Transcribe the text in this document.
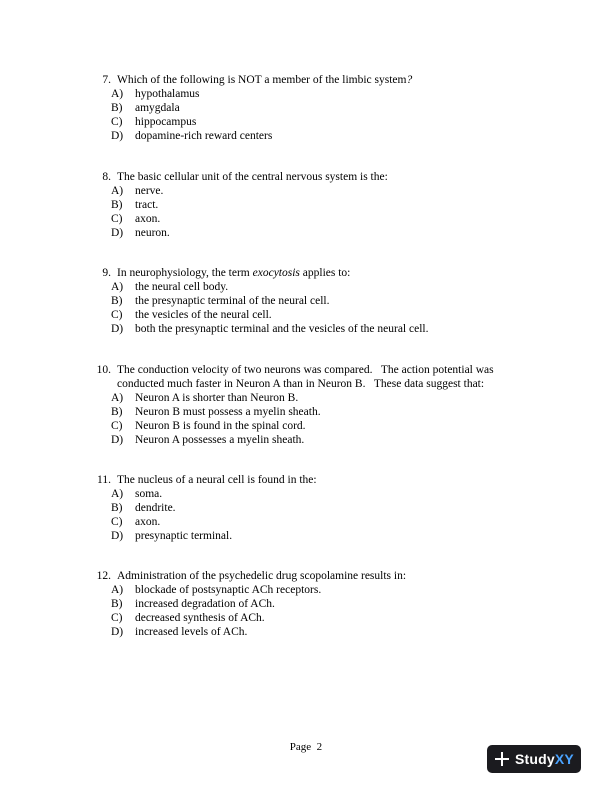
7. Which of the following is NOT a member of the limbic system?
A)	hypothalamus
B)	amygdala
C)	hippocampus
D)	dopamine-rich reward centers
8. The basic cellular unit of the central nervous system is the:
A)	nerve.
B)	tract.
C)	axon.
D)	neuron.
9. In neurophysiology, the term exocytosis applies to:
A)	the neural cell body.
B)	the presynaptic terminal of the neural cell.
C)	the vesicles of the neural cell.
D)	both the presynaptic terminal and the vesicles of the neural cell.
10. The conduction velocity of two neurons was compared.   The action potential was
conducted much faster in Neuron A than in Neuron B.   These data suggest that:
A)	Neuron A is shorter than Neuron B.
B)	Neuron B must possess a myelin sheath.
C)	Neuron B is found in the spinal cord.
D)	Neuron A possesses a myelin sheath.
11. The nucleus of a neural cell is found in the:
A)	soma.
B)	dendrite.
C)	axon.
D)	presynaptic terminal.
12. Administration of the psychedelic drug scopolamine results in:
A)	blockade of postsynaptic ACh receptors.
B)	increased degradation of ACh.
C)	decreased synthesis of ACh.
D)	increased levels of ACh.
Page  2
StudyXY
